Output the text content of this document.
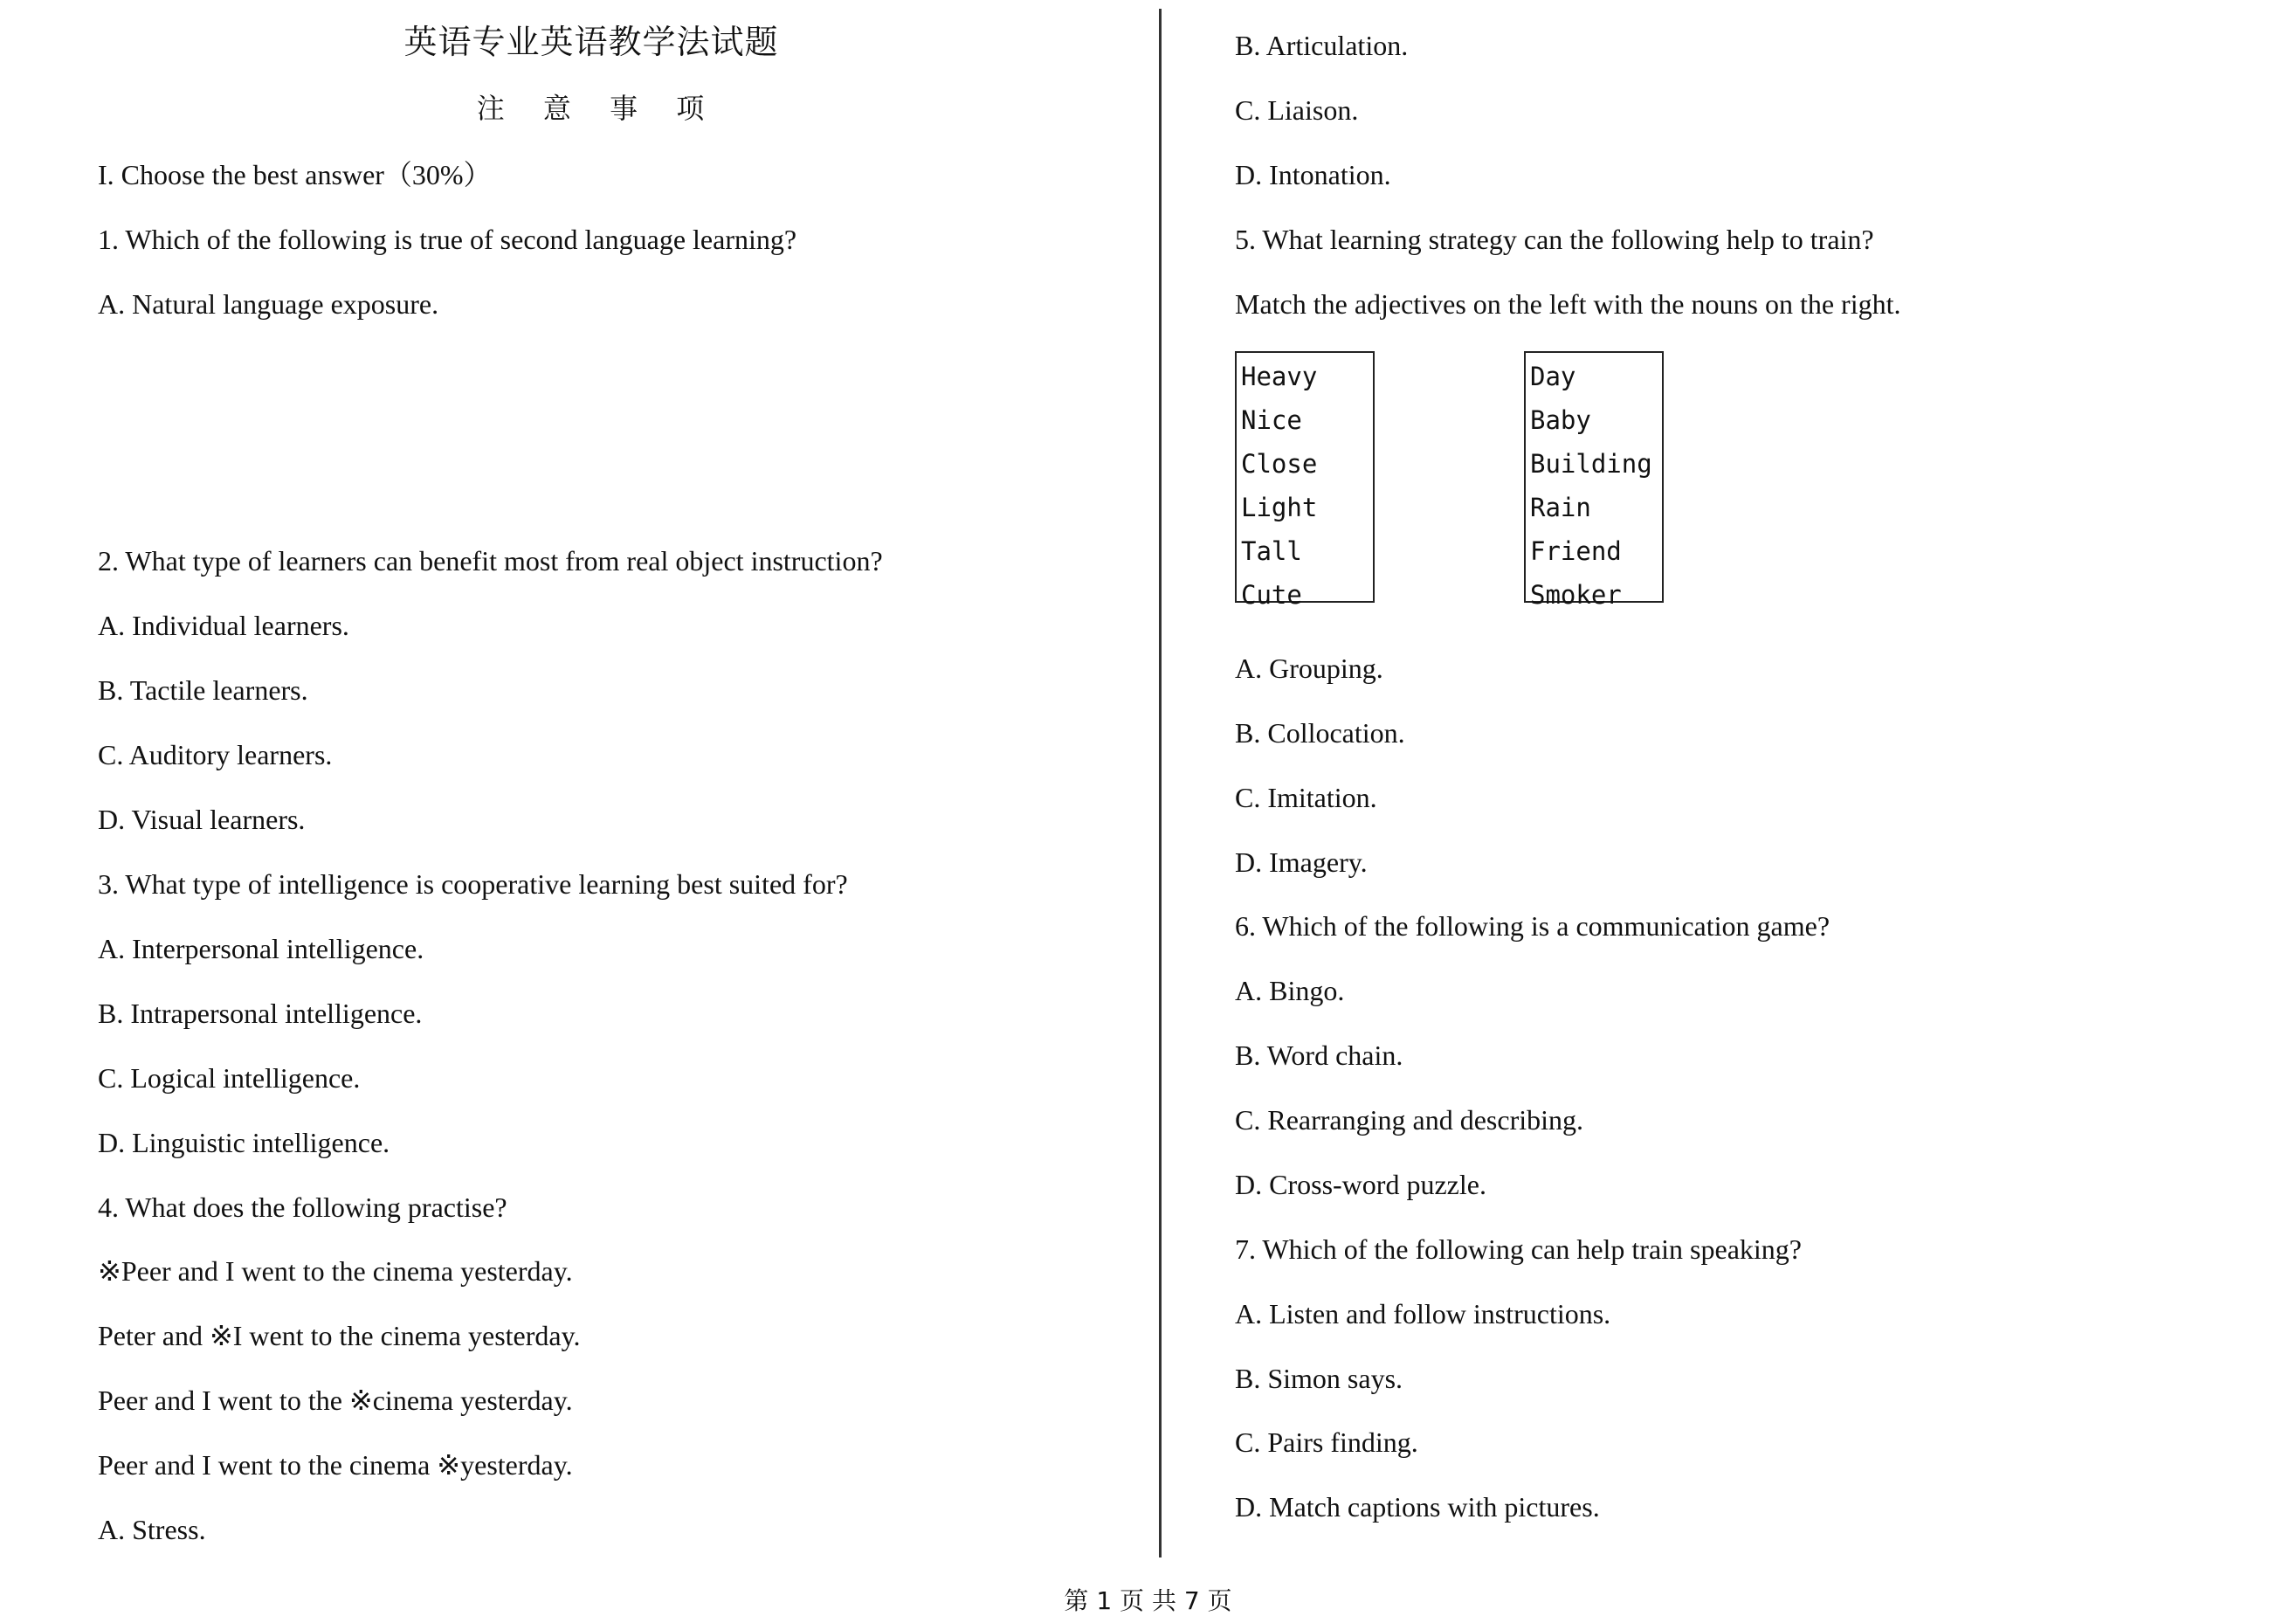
英语专业英语教学法试题
注 意 事 项
I. Choose the best answer（30%）
1. Which of the following is true of second language learning?
A. Natural language exposure.
2. What type of learners can benefit most from real object instruction?
A. Individual learners.
B. Tactile learners.
C. Auditory learners.
D. Visual learners.
3. What type of intelligence is cooperative learning best suited for?
A. Interpersonal intelligence.
B. Intrapersonal intelligence.
C. Logical intelligence.
D. Linguistic intelligence.
4. What does the following practise?
※Peer and I went to the cinema yesterday.
Peter and ※I went to the cinema yesterday.
Peer and I went to the ※cinema yesterday.
Peer and I went to the cinema ※yesterday.
A. Stress.
B. Articulation.
C. Liaison.
D. Intonation.
5. What learning strategy can the following help to train?
Match the adjectives on the left with the nouns on the right.
Heavy
Nice
Close
Light
Tall
Cute
Day
Baby
Building
Rain
Friend
Smoker
A. Grouping.
B. Collocation.
C. Imitation.
D. Imagery.
6. Which of the following is a communication game?
A. Bingo.
B. Word chain.
C. Rearranging and describing.
D. Cross-word puzzle.
7. Which of the following can help train speaking?
A. Listen and follow instructions.
B. Simon says.
C. Pairs finding.
D. Match captions with pictures.
第 1 页 共 7 页
